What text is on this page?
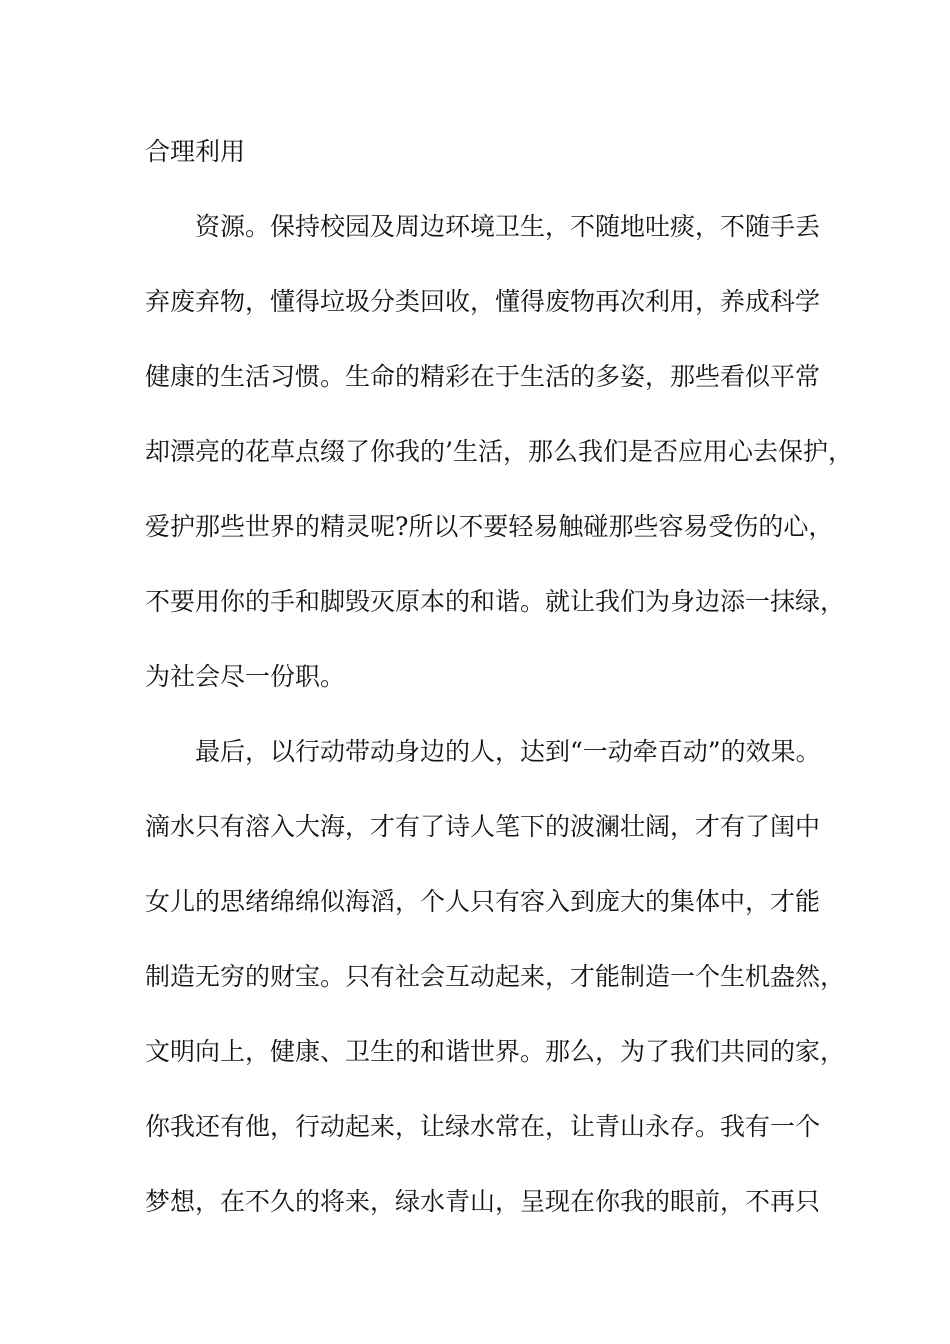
合理利用
资源。保持校园及周边环境卫生，不随地吐痰，不随手丢
弃废弃物，懂得垃圾分类回收，懂得废物再次利用，养成科学
健康的生活习惯。生命的精彩在于生活的多姿，那些看似平常
却漂亮的花草点缀了你我的’生活，那么我们是否应用心去保护，
爱护那些世界的精灵呢?所以不要轻易触碰那些容易受伤的心，
不要用你的手和脚毁灭原本的和谐。就让我们为身边添一抹绿，
为社会尽一份职。
最后，以行动带动身边的人，达到“一动牵百动”的效果。
滴水只有溶入大海，才有了诗人笔下的波澜壮阔，才有了闺中
女儿的思绪绵绵似海滔，个人只有容入到庞大的集体中，才能
制造无穷的财宝。只有社会互动起来，才能制造一个生机盎然，
文明向上，健康、卫生的和谐世界。那么，为了我们共同的家，
你我还有他，行动起来，让绿水常在，让青山永存。我有一个
梦想，在不久的将来，绿水青山，呈现在你我的眼前，不再只
